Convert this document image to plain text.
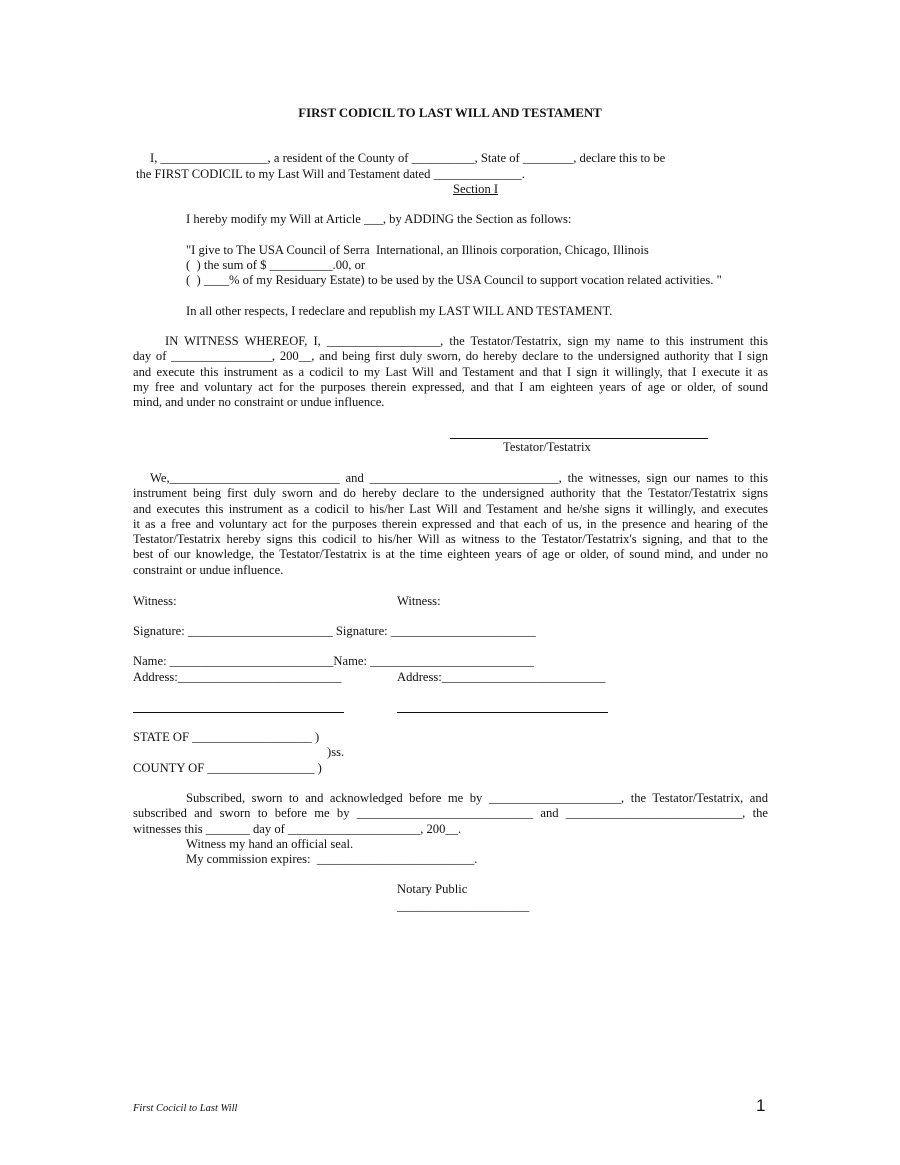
FIRST CODICIL TO LAST WILL AND TESTAMENT
I, _________________, a resident of the County of __________, State of ________, declare this to be
the FIRST CODICIL to my Last Will and Testament dated ______________.
Section I
I hereby modify my Will at Article ___, by ADDING the Section as follows:
"I give to The USA Council of Serra  International, an Illinois corporation, Chicago, Illinois
(  ) the sum of $ __________.00, or
(  ) ____% of my Residuary Estate) to be used by the USA Council to support vocation related activities. "
In all other respects, I redeclare and republish my LAST WILL AND TESTAMENT.
IN WITNESS WHEREOF, I, __________________, the Testator/Testatrix, sign my name to this instrument this
day of ________________, 200__, and being first duly sworn, do hereby declare to the undersigned authority that I sign
and execute this instrument as a codicil to my Last Will and Testament and that I sign it willingly, that I execute it as
my free and voluntary act for the purposes therein expressed, and that I am eighteen years of age or older, of sound
mind, and under no constraint or undue influence.
Testator/Testatrix
We,___________________________ and ______________________________, the witnesses, sign our names to this
instrument being first duly sworn and do hereby declare to the undersigned authority that the Testator/Testatrix signs
and executes this instrument as a codicil to his/her Last Will and Testament and he/she signs it willingly, and executes
it as a free and voluntary act for the purposes therein expressed and that each of us, in the presence and hearing of the
Testator/Testatrix hereby signs this codicil to his/her Will as witness to the Testator/Testatrix's signing, and that to the
best of our knowledge, the Testator/Testatrix is at the time eighteen years of age or older, of sound mind, and under no
constraint or undue influence.
Witness:	Witness:
Signature: _______________________ Signature: _______________________
Name: __________________________Name: __________________________
Address:__________________________	Address:__________________________
STATE OF ___________________ )
)ss.
COUNTY OF _________________ )
Subscribed, sworn to and acknowledged before me by _____________________, the Testator/Testatrix, and
subscribed and sworn to before me by ____________________________ and ____________________________, the
witnesses this _______ day of _____________________, 200__.
Witness my hand an official seal.
My commission expires:  _________________________.
Notary Public
_____________________
First Cocicil to Last Will	1
